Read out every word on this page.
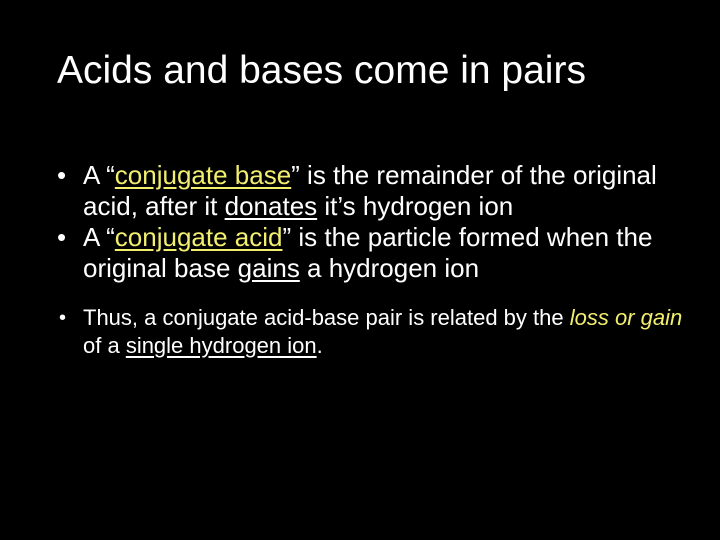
Acids and bases come in pairs
• A “conjugate base” is the remainder of the original acid, after it donates it’s hydrogen ion
• A “conjugate acid” is the particle formed when the original base gains a hydrogen ion
• Thus, a conjugate acid-base pair is related by the loss or gain of a single hydrogen ion.
